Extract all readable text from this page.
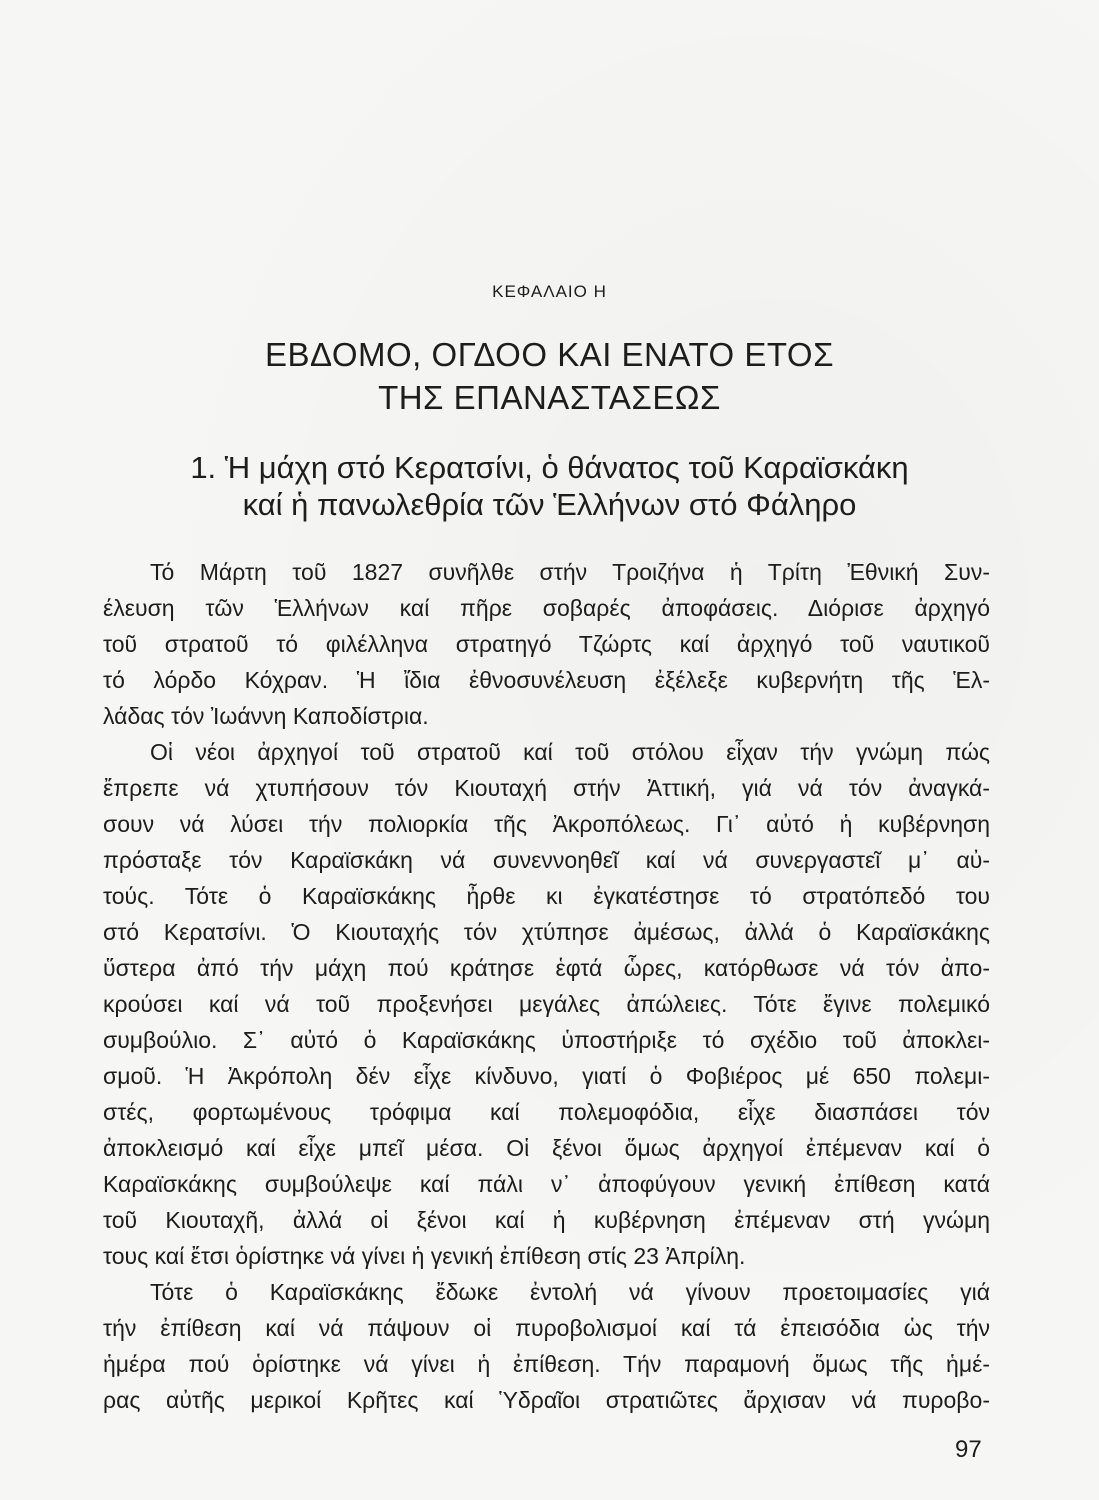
ΚΕΦΑΛΑΙΟ Η
ΕΒΔΟΜΟ, ΟΓΔΟΟ ΚΑΙ ΕΝΑΤΟ ΕΤΟΣ
ΤΗΣ ΕΠΑΝΑΣΤΑΣΕΩΣ
1. Ἡ μάχη στό Κερατσίνι, ὁ θάνατος τοῦ Καραϊσκάκη
καί ἡ πανωλεθρία τῶν Ἑλλήνων στό Φάληρο
Τό Μάρτη τοῦ 1827 συνῆλθε στήν Τροιζήνα ἡ Τρίτη Ἐθνική Συν-
έλευση τῶν Ἑλλήνων καί πῆρε σοβαρές ἀποφάσεις. Διόρισε ἀρχηγό
τοῦ στρατοῦ τό φιλέλληνα στρατηγό Τζώρτς καί ἀρχηγό τοῦ ναυτικοῦ
τό λόρδο Κόχραν. Ἡ ἴδια ἐθνοσυνέλευση ἐξέλεξε κυβερνήτη τῆς Ἑλ-
λάδας τόν Ἰωάννη Καποδίστρια.
Οἱ νέοι ἀρχηγοί τοῦ στρατοῦ καί τοῦ στόλου εἶχαν τήν γνώμη πώς
ἔπρεπε νά χτυπήσουν τόν Κιουταχή στήν Ἀττική, γιά νά τόν ἀναγκά-
σουν νά λύσει τήν πολιορκία τῆς Ἀκροπόλεως. Γι᾽ αὐτό ἡ κυβέρνηση
πρόσταξε τόν Καραϊσκάκη νά συνεννοηθεῖ καί νά συνεργαστεῖ μ᾽ αὐ-
τούς. Τότε ὁ Καραϊσκάκης ἦρθε κι ἐγκατέστησε τό στρατόπεδό του
στό Κερατσίνι. Ὁ Κιουταχής τόν χτύπησε ἀμέσως, ἀλλά ὁ Καραϊσκάκης
ὕστερα ἀπό τήν μάχη πού κράτησε ἑφτά ὧρες, κατόρθωσε νά τόν ἀπο-
κρούσει καί νά τοῦ προξενήσει μεγάλες ἀπώλειες. Τότε ἔγινε πολεμικό
συμβούλιο. Σ᾽ αὐτό ὁ Καραϊσκάκης ὑποστήριξε τό σχέδιο τοῦ ἀποκλει-
σμοῦ. Ἡ Ἀκρόπολη δέν εἶχε κίνδυνο, γιατί ὁ Φοβιέρος μέ 650 πολεμι-
στές, φορτωμένους τρόφιμα καί πολεμοφόδια, εἶχε διασπάσει τόν
ἀποκλεισμό καί εἶχε μπεῖ μέσα. Οἱ ξένοι ὅμως ἀρχηγοί ἐπέμεναν καί ὁ
Καραϊσκάκης συμβούλεψε καί πάλι ν᾽ ἀποφύγουν γενική ἐπίθεση κατά
τοῦ Κιουταχῆ, ἀλλά οἱ ξένοι καί ἡ κυβέρνηση ἐπέμεναν στή γνώμη
τους καί ἔτσι ὁρίστηκε νά γίνει ἡ γενική ἐπίθεση στίς 23 Ἀπρίλη.
Τότε ὁ Καραϊσκάκης ἔδωκε ἐντολή νά γίνουν προετοιμασίες γιά
τήν ἐπίθεση καί νά πάψουν οἱ πυροβολισμοί καί τά ἐπεισόδια ὡς τήν
ἡμέρα πού ὁρίστηκε νά γίνει ἡ ἐπίθεση. Τήν παραμονή ὅμως τῆς ἡμέ-
ρας αὐτῆς μερικοί Κρῆτες καί Ὑδραῖοι στρατιῶτες ἄρχισαν νά πυροβο-
97
